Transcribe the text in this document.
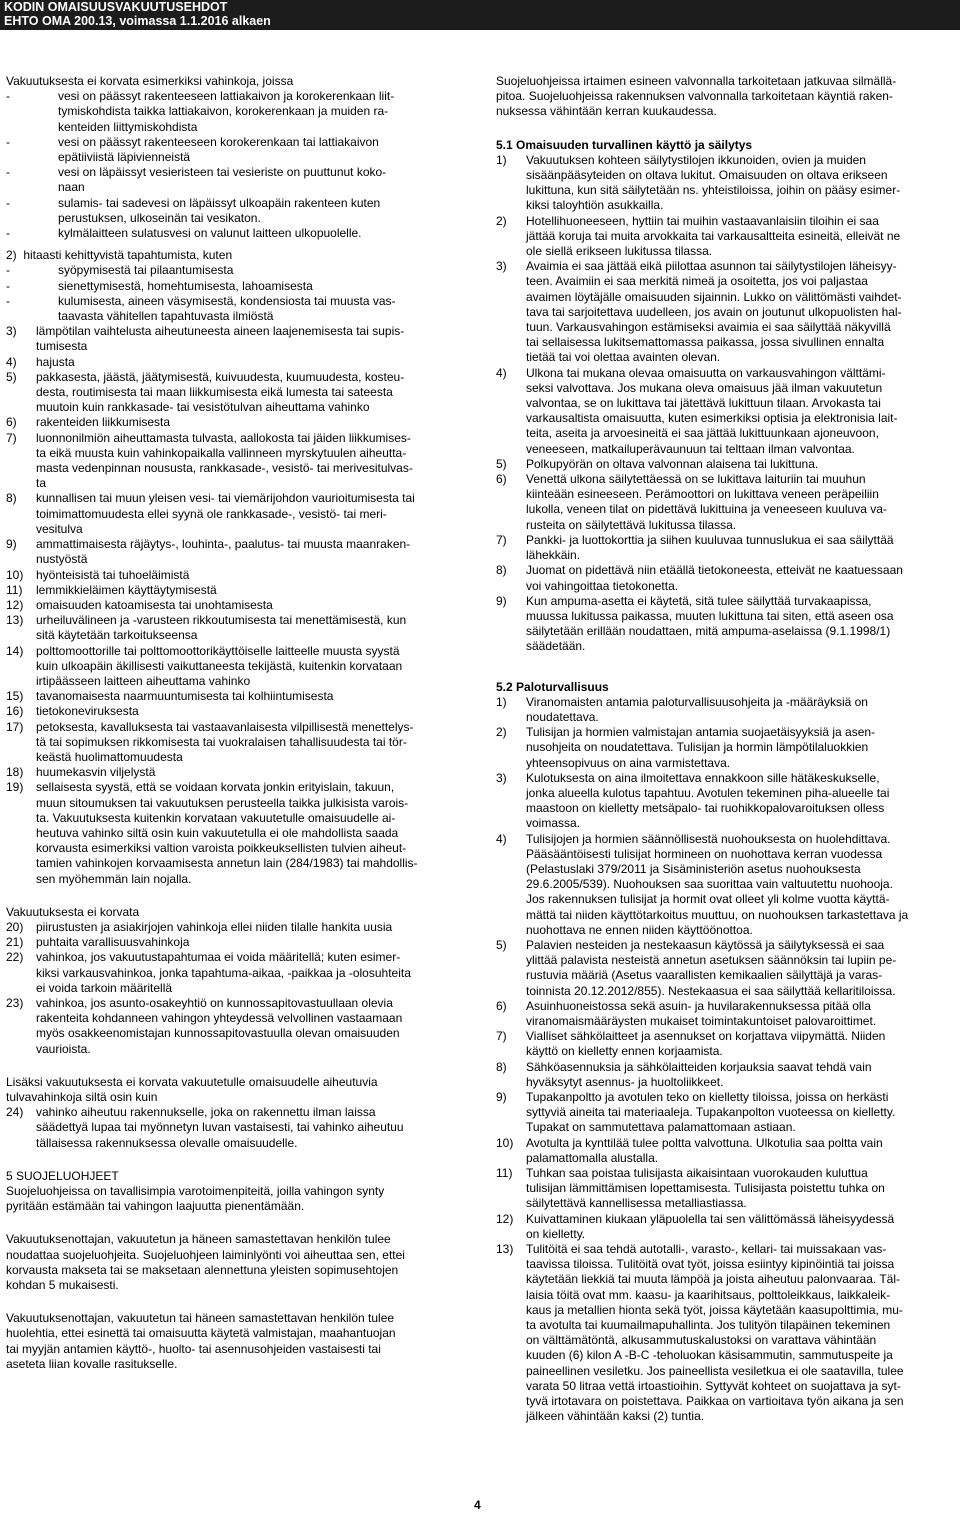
KODIN OMAISUUSVAKUUTUSEHDOT
EHTO OMA 200.13, voimassa 1.1.2016 alkaen

Vakuutuksesta ei korvata esimerkiksi vahinkoja, joissa

-	vesi on päässyt rakenteeseen lattiakaivon ja korokerenkaan liit-

tymiskohdista taikka lattiakaivon, korokerenkaan ja muiden ra-

kenteiden liittymiskohdista

-	vesi on päässyt rakenteeseen korokerenkaan tai lattiakaivon

epätiiviistä läpivienneistä

-	vesi on läpäissyt vesieristeen tai vesieriste on puuttunut koko-

naan

-	sulamis- tai sadevesi on läpäissyt ulkoapäin rakenteen kuten

perustuksen, ulkoseinän tai vesikaton.

-	kylmälaitteen sulatusvesi on valunut laitteen ulkopuolelle.

2)  hitaasti kehittyvistä tapahtumista, kuten

-	syöpymisestä tai pilaantumisesta

-	sienettymisestä, homehtumisesta, lahoamisesta

-	kulumisesta, aineen väsymisestä, kondensiosta tai muusta vas-

taavasta vähitellen tapahtuvasta ilmiöstä

3) lämpötilan vaihtelusta aiheutuneesta aineen laajenemisesta tai supis-

tumisesta

4) hajusta

5) pakkasesta, jäästä, jäätymisestä, kuivuudesta, kuumuudesta, kosteu-

desta, routimisesta tai maan liikkumisesta eikä lumesta tai sateesta

muutoin kuin rankkasade- tai vesistötulvan aiheuttama vahinko

6) rakenteiden liikkumisesta

7) luonnonilmiön aiheuttamasta tulvasta, aallokosta tai jäiden liikkumises-

ta eikä muusta kuin vahinkopaikalla vallinneen myrskytuulen aiheutta-

masta vedenpinnan noususta, rankkasade-, vesistö- tai merivesitulvas-

ta

8) kunnallisen tai muun yleisen vesi- tai viemärijohdon vaurioitumisesta tai

toimimattomuudesta ellei syynä ole rankkasade-, vesistö- tai meri-

vesitulva

9) ammattimaisesta räjäytys-, louhinta-, paalutus- tai muusta maanraken-

nustyöstä

10) hyönteisistä tai tuhoeläimistä

11) lemmikkieläimen käyttäytymisestä

12) omaisuuden katoamisesta tai unohtamisesta

13) urheiluvälineen ja -varusteen rikkoutumisesta tai menettämisestä, kun

sitä käytetään tarkoitukseensa

14) polttomoottorille tai polttomoottorikäyttöiselle laitteelle muusta syystä

kuin ulkoapäin äkillisesti vaikuttaneesta tekijästä, kuitenkin korvataan

irtipäässeen laitteen aiheuttama vahinko

15) tavanomaisesta naarmuuntumisesta tai kolhiintumisesta

16) tietokoneviruksesta

17) petoksesta, kavalluksesta tai vastaavanlaisesta vilpillisestä menettelys-

tä tai sopimuksen rikkomisesta tai vuokralaisen tahallisuudesta tai tör-

keästä huolimattomuudesta

18) huumekasvin viljelystä

19) sellaisesta syystä, että se voidaan korvata jonkin erityislain, takuun,

muun sitoumuksen tai vakuutuksen perusteella taikka julkisista varois-

ta. Vakuutuksesta kuitenkin korvataan vakuutetulle omaisuudelle ai-

heutuva vahinko siltä osin kuin vakuutetulla ei ole mahdollista saada

korvausta esimerkiksi valtion varoista poikkeuksellisten tulvien aiheut-

tamien vahinkojen korvaamisesta annetun lain (284/1983) tai mahdollis-

sen myöhemmän lain nojalla.

Vakuutuksesta ei korvata

20) piirustusten ja asiakirjojen vahinkoja ellei niiden tilalle hankita uusia

21) puhtaita varallisuusvahinkoja

22) vahinkoa, jos vakuutustapahtumaa ei voida määritellä; kuten esimer-

kiksi varkausvahinkoa, jonka tapahtuma-aikaa, -paikkaa ja -olosuhteita

ei voida tarkoin määritellä

23) vahinkoa, jos asunto-osakeyhtiö on kunnossapitovastuullaan olevia

rakenteita kohdanneen vahingon yhteydessä velvollinen vastaamaan

myös osakkeenomistajan kunnossapitovastuulla olevan omaisuuden

vaurioista.

Lisäksi vakuutuksesta ei korvata vakuutetulle omaisuudelle aiheutuvia

tulvavahinkoja siltä osin kuin

24) vahinko aiheutuu rakennukselle, joka on rakennettu ilman laissa

säädettyä lupaa tai myönnetyn luvan vastaisesti, tai vahinko aiheutuu

tällaisessa rakennuksessa olevalle omaisuudelle.

5 SUOJELUOHJEET

Suojeluohjeissa on tavallisimpia varotoimenpiteitä, joilla vahingon synty

pyritään estämään tai vahingon laajuutta pienentämään.

Vakuutuksenottajan, vakuutetun ja häneen samastettavan henkilön tulee

noudattaa suojeluohjeita. Suojeluohjeen laiminlyönti voi aiheuttaa sen, ettei

korvausta makseta tai se maksetaan alennettuna yleisten sopimusehtojen

kohdan 5 mukaisesti.

Vakuutuksenottajan, vakuutetun tai häneen samastettavan henkilön tulee

huolehtia, ettei esinettä tai omaisuutta käytetä valmistajan, maahantuojan

tai myyjän antamien käyttö-, huolto- tai asennusohjeiden vastaisesti tai

aseteta liian kovalle rasitukselle.

Suojeluohjeissa irtaimen esineen valvonnalla tarkoitetaan jatkuvaa silmällä-

pitoa. Suojeluohjeissa rakennuksen valvonnalla tarkoitetaan käyntiä raken-

nuksessa vähintään kerran kuukaudessa.

5.1 Omaisuuden turvallinen käyttö ja säilytys

1) Vakuutuksen kohteen säilytystilojen ikkunoiden, ovien ja muiden

sisäänpääsyteiden on oltava lukitut. Omaisuuden on oltava erikseen

lukittuna, kun sitä säilytetään ns. yhteistiloissa, joihin on pääsy esimer-

kiksi taloyhtiön asukkailla.

2) Hotellihuoneeseen, hyttiin tai muihin vastaavanlaisiin tiloihin ei saa

jättää koruja tai muita arvokkaita tai varkausaltteita esineitä, elleivät ne

ole siellä erikseen lukitussa tilassa.

3) Avaimia ei saa jättää eikä piilottaa asunnon tai säilytystilojen läheisyy-

teen. Avaimiin ei saa merkitä nimeä ja osoitetta, jos voi paljastaa

avaimen löytäjälle omaisuuden sijainnin. Lukko on välittömästi vaihdet-

tava tai sarjoitettava uudelleen, jos avain on joutunut ulkopuolisten hal-

tuun. Varkausvahingon estämiseksi avaimia ei saa säilyttää näkyvillä

tai sellaisessa lukitsemattomassa paikassa, jossa sivullinen ennalta

tietää tai voi olettaa avainten olevan.

4) Ulkona tai mukana olevaa omaisuutta on varkausvahingon välttämi-

seksi valvottava. Jos mukana oleva omaisuus jää ilman vakuutetun

valvontaa, se on lukittava tai jätettävä lukittuun tilaan. Arvokasta tai

varkausaltista omaisuutta, kuten esimerkiksi optisia ja elektronisia lait-

teita, aseita ja arvoesineitä ei saa jättää lukittuunkaan ajoneuvoon,

veneeseen, matkailuperävaunuun tai telttaan ilman valvontaa.

5) Polkupyörän on oltava valvonnan alaisena tai lukittuna.

6) Venettä ulkona säilytettäessä on se lukittava laituriin tai muuhun

kiinteään esineeseen. Perämoottori on lukittava veneen peräpeiliin

lukolla, veneen tilat on pidettävä lukittuina ja veneeseen kuuluva va-

rusteita on säilytettävä lukitussa tilassa.

7) Pankki- ja luottokorttia ja siihen kuuluvaa tunnuslukua ei saa säilyttää

lähekkäin.

8) Juomat on pidettävä niin etäällä tietokoneesta, etteivät ne kaatuessaan

voi vahingoittaa tietokonetta.

9) Kun ampuma-asetta ei käytetä, sitä tulee säilyttää turvakaapissa,

muussa lukitussa paikassa, muuten lukittuna tai siten, että aseen osa

säilytetään erillään noudattaen, mitä ampuma-aselaissa (9.1.1998/1)

säädetään.

5.2 Paloturvallisuus

1) Viranomaisten antamia paloturvallisuusohjeita ja -määräyksiä on

noudatettava.

2) Tulisijan ja hormien valmistajan antamia suojaetäisyyksiä ja asen-

nusohjeita on noudatettava. Tulisijan ja hormin lämpötilaluokkien

yhteensopivuus on aina varmistettava.

3) Kulotuksesta on aina ilmoitettava ennakkoon sille hätäkeskukselle,

jonka alueella kulotus tapahtuu. Avotulen tekeminen piha-alueelle tai

maastoon on kielletty metsäpalo- tai ruohikkopalovaroituksen olless

voimassa.

4) Tulisijojen ja hormien säännöllisestä nuohouksesta on huolehdittava.

Pääsääntöisesti tulisijat hormineen on nuohottava kerran vuodessa

(Pelastuslaki 379/2011 ja Sisäministeriön asetus nuohouksesta

29.6.2005/539). Nuohouksen saa suorittaa vain valtuutettu nuohooja.

Jos rakennuksen tulisijat ja hormit ovat olleet yli kolme vuotta käyttä-

mättä tai niiden käyttötarkoitus muuttuu, on nuohouksen tarkastettava ja

nuohottava ne ennen niiden käyttöönottoa.

5) Palavien nesteiden ja nestekaasun käytössä ja säilytyksessä ei saa

ylittää palavista nesteistä annetun asetuksen säännöksin tai lupiin pe-

rustuvia määriä (Asetus vaarallisten kemikaalien säilyttäjä ja varas-

toinnista 20.12.2012/855). Nestekaasua ei saa säilyttää kellaritiloissa.

6) Asuinhuoneistossa sekä asuin- ja huvilarakennuksessa pitää olla

viranomaismääräysten mukaiset toimintakuntoiset palovaroittimet.

7) Vialliset sähkölaitteet ja asennukset on korjattava viipymättä. Niiden

käyttö on kielletty ennen korjaamista.

8) Sähköasennuksia ja sähkölaitteiden korjauksia saavat tehdä vain

hyväksytyt asennus- ja huoltoliikkeet.

9) Tupakanpoltto ja avotulen teko on kielletty tiloissa, joissa on herkästi

syttyviä aineita tai materiaaleja. Tupakanpolton vuoteessa on kielletty.

Tupakat on sammutettava palamattomaan astiaan.

10) Avotulta ja kynttilää tulee poltta valvottuna. Ulkotulia saa poltta vain

palamattomalla alustalla.

11) Tuhkan saa poistaa tulisijasta aikaisintaan vuorokauden kuluttua

tulisijan lämmittämisen lopettamisesta. Tulisijasta poistettu tuhka on

säilytettävä kannellisessa metalliastiassa.

12) Kuivattaminen kiukaan yläpuolella tai sen välittömässä läheisyydessä

on kielletty.

13) Tulitöitä ei saa tehdä autotalli-, varasto-, kellari- tai muissakaan vas-

taavissa tiloissa. Tulitöitä ovat työt, joissa esiintyy kipinöintiä tai joissa

käytetään liekkiä tai muuta lämpöä ja joista aiheutuu palonvaaraa. Täl-

laisia töitä ovat mm. kaasu- ja kaarihitsaus, polttoleikkaus, laikkaleik-

kaus ja metallien hionta sekä työt, joissa käytetään kaasupolttimia, mu-

ta avotulta tai kuumailmapuhallinta. Jos tulityön tilapäinen tekeminen

on välttämätöntä, alkusammutuskalustoksi on varattava vähintään

kuuden (6) kilon A -B-C -teholuokan käsisammutin, sammutuspeite ja

paineellinen vesiletku. Jos paineellista vesiletkua ei ole saatavilla, tulee

varata 50 litraa vettä irtoastioihin. Syttyvät kohteet on suojattava ja syt-

tyvä irtotavara on poistettava. Paikkaa on vartioitava työn aikana ja sen

jälkeen vähintään kaksi (2) tuntia.

4
